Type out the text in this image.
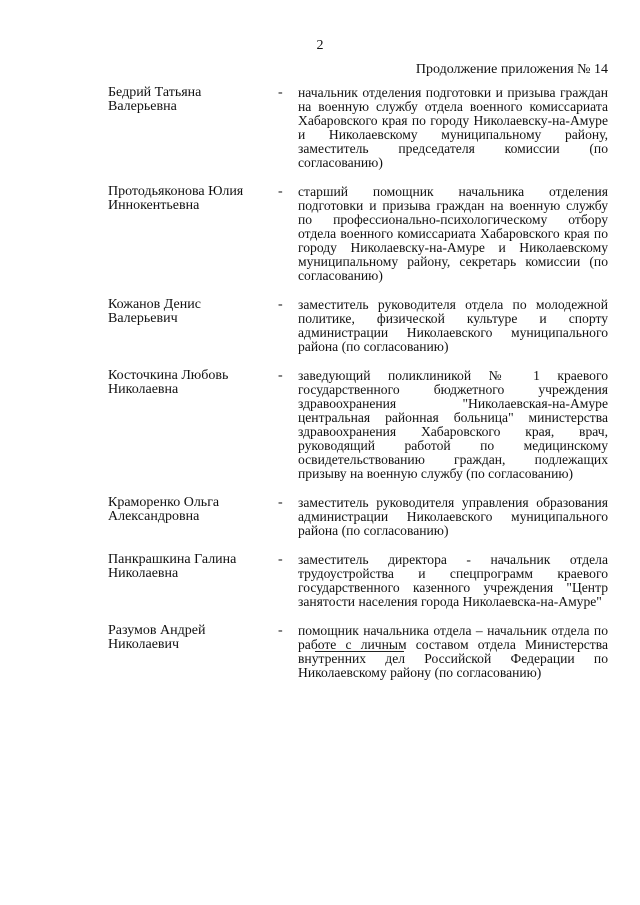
2
Продолжение приложения № 14
Бедрий Татьяна
Валерьевна
-	начальник отделения подготовки и призыва граждан на военную службу отдела военного комиссариата Хабаровского края по городу Николаевску-на-Амуре и Николаевскому муниципальному району, заместитель председателя комиссии (по согласованию)
Протодьяконова Юлия
Иннокентьевна
-	старший помощник начальника отделения подготовки и призыва граждан на военную службу по профессионально-психологическому отбору отдела военного комиссариата Хабаровского края по городу Николаевску-на-Амуре и Николаевскому муниципальному району, секретарь комиссии (по согласованию)
Кожанов Денис
Валерьевич
-	заместитель руководителя отдела по молодежной политике, физической культуре и спорту администрации Николаевского муниципального района (по согласованию)
Косточкина Любовь
Николаевна
-	заведующий поликлиникой № 1 краевого государственного бюджетного учреждения здравоохранения "Николаевская-на-Амуре центральная районная больница" министерства здравоохранения Хабаровского края, врач, руководящий работой по медицинскому освидетельствованию граждан, подлежащих призыву на военную службу (по согласованию)
Краморенко Ольга
Александровна
-	заместитель руководителя управления образования администрации Николаевского муниципального района (по согласованию)
Панкрашкина Галина
Николаевна
-	заместитель директора - начальник отдела трудоустройства и спецпрограмм краевого государственного казенного учреждения "Центр занятости населения города Николаевска-на-Амуре"
Разумов Андрей
Николаевич
-	помощник начальника отдела – начальник отдела по работе с личным составом отдела Министерства внутренних дел Российской Федерации по Николаевскому району (по согласованию)
